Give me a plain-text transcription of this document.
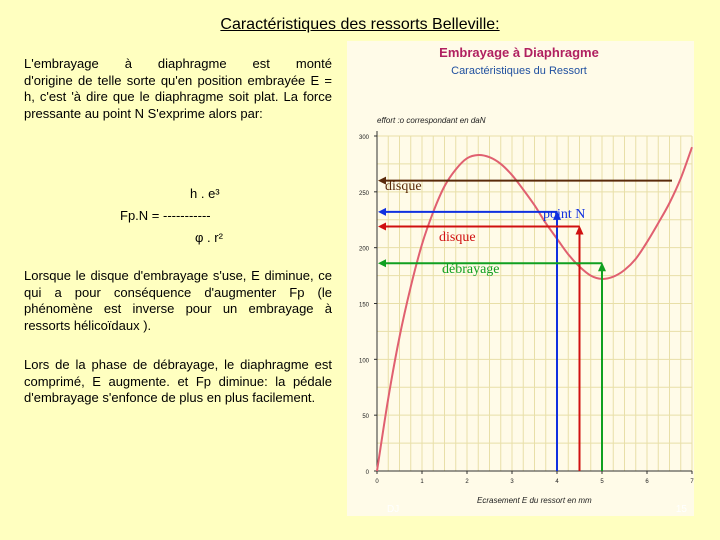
Caractéristiques des ressorts Belleville:
L'embrayage à diaphragme est monté
d'origine de telle sorte qu'en position embrayée E = h, c'est 'à dire que le diaphragme soit plat. La force pressante au point N S'exprime alors par:
h . e³
Fp.N = -----------
φ . r²
Lorsque le disque d'embrayage s'use, E diminue, ce qui a pour conséquence d'augmenter Fp (le phénomène est inverse pour un embrayage à ressorts hélicoïdaux ).
Lors de la phase de débrayage, le diaphragme est comprimé, E augmente. et Fp diminue: la pédale d'embrayage s'enfonce de plus en plus facilement.
Embrayage à Diaphragme
Caractéristiques du Ressort
effort :o correspondant en daN
Ecrasement E du ressort en mm
0
50
100
150
200
250
300
0	1	2	3	4	5	6	7
disque
point N
disque
débrayage
DJ	15
